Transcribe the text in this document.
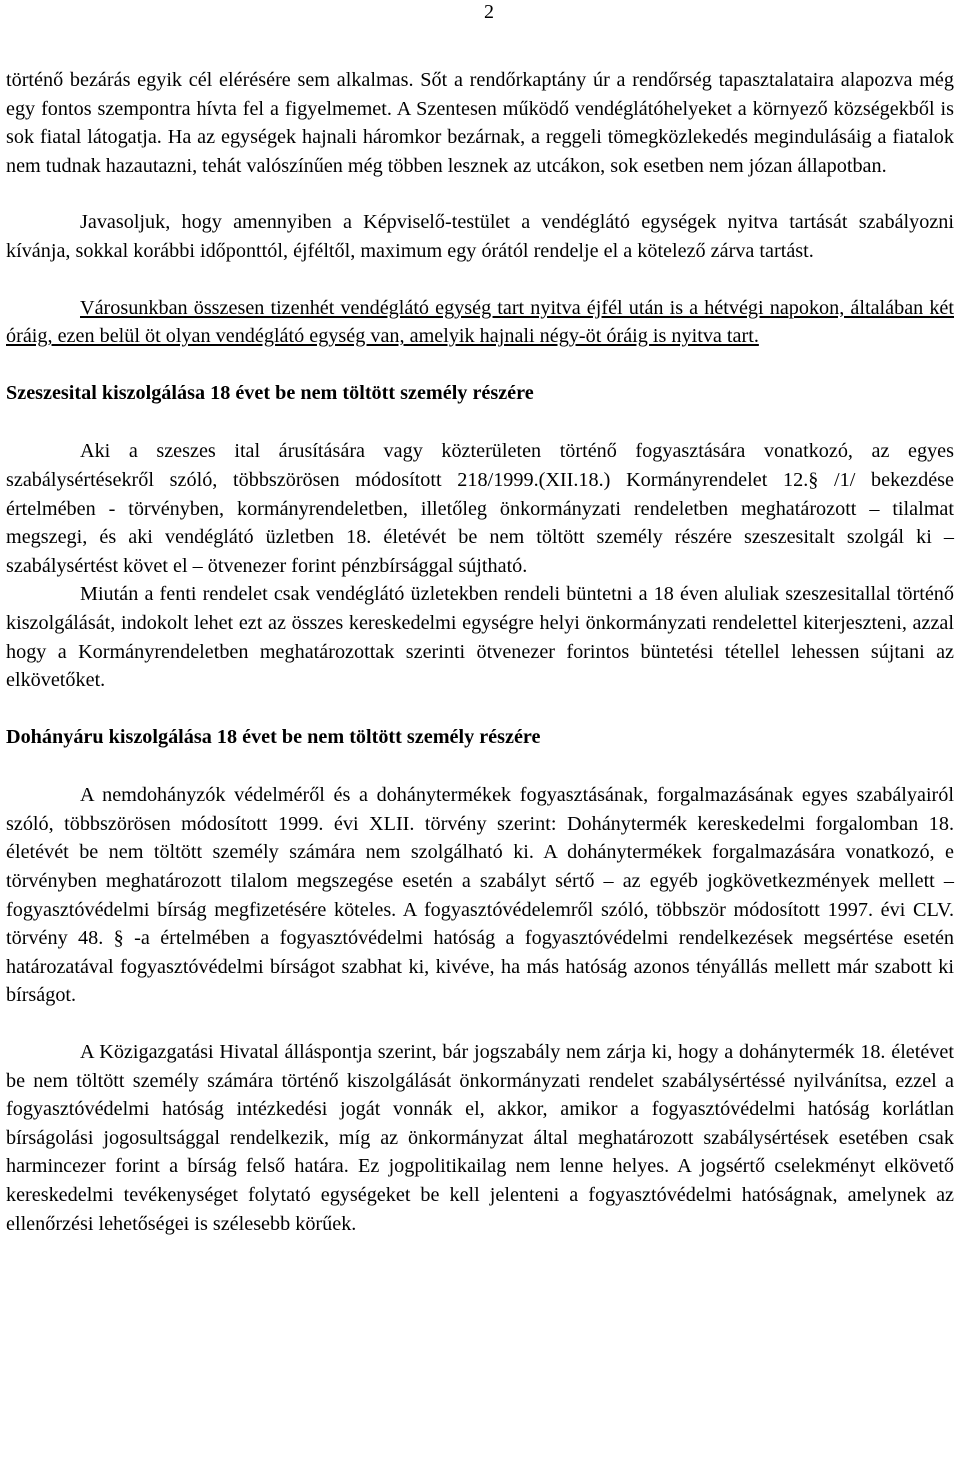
2

történő bezárás egyik cél elérésére sem alkalmas. Sőt a rendőrkaptány úr a rendőrség tapasztalataira alapozva még egy fontos szempontra hívta fel a figyelmemet. A Szentesen működő vendéglátóhelyeket a környező községekből is sok fiatal látogatja. Ha az egységek hajnali háromkor bezárnak, a reggeli tömegközlekedés megindulásáig a fiatalok nem tudnak hazautazni, tehát valószínűen még többen lesznek az utcákon, sok esetben nem józan állapotban.

Javasoljuk, hogy amennyiben a Képviselő-testület a vendéglátó egységek nyitva tartását szabályozni kívánja, sokkal korábbi időponttól, éjféltől, maximum egy órától rendelje el a kötelező zárva tartást.

Városunkban összesen tizenhét vendéglátó egység tart nyitva éjfél után is a hétvégi napokon, általában két óráig, ezen belül öt olyan vendéglátó egység van, amelyik hajnali négy-öt óráig is nyitva tart.

Szeszesital kiszolgálása 18 évet be nem töltött személy részére

Aki a szeszes ital árusítására vagy közterületen történő fogyasztására vonatkozó, az egyes szabálysértésekről szóló, többszörösen módosított 218/1999.(XII.18.) Kormányrendelet 12.§ /1/ bekezdése értelmében - törvényben, kormányrendeletben, illetőleg önkormányzati rendeletben meghatározott – tilalmat megszegi, és aki vendéglátó üzletben 18. életévét be nem töltött személy részére szeszesitalt szolgál ki – szabálysértést követ el – ötvenezer forint pénzbírsággal sújtható.

Miután a fenti rendelet csak vendéglátó üzletekben rendeli büntetni a 18 éven aluliak szeszesitallal történő kiszolgálását, indokolt lehet ezt az összes kereskedelmi egységre helyi önkormányzati rendelettel kiterjeszteni, azzal hogy a Kormányrendeletben meghatározottak szerinti ötvenezer forintos büntetési tétellel lehessen sújtani az elkövetőket.

Dohányáru kiszolgálása 18 évet be nem töltött személy részére

A nemdohányzók védelméről és a dohánytermékek fogyasztásának, forgalmazásának egyes szabályairól szóló, többszörösen módosított 1999. évi XLII. törvény szerint: Dohánytermék kereskedelmi forgalomban 18. életévét be nem töltött személy számára nem szolgálható ki. A dohánytermékek forgalmazására vonatkozó, e törvényben meghatározott tilalom megszegése esetén a szabályt sértő – az egyéb jogkövetkezmények mellett – fogyasztóvédelmi bírság megfizetésére köteles. A fogyasztóvédelemről szóló, többször módosított 1997. évi CLV. törvény 48. § -a értelmében a fogyasztóvédelmi hatóság a fogyasztóvédelmi rendelkezések megsértése esetén határozatával fogyasztóvédelmi bírságot szabhat ki, kivéve, ha más hatóság azonos tényállás mellett már szabott ki bírságot.

A Közigazgatási Hivatal álláspontja szerint, bár jogszabály nem zárja ki, hogy a dohánytermék 18. életévet be nem töltött személy számára történő kiszolgálását önkormányzati rendelet szabálysértéssé nyilvánítsa, ezzel a fogyasztóvédelmi hatóság intézkedési jogát vonnák el, akkor, amikor a fogyasztóvédelmi hatóság korlátlan bírságolási jogosultsággal rendelkezik, míg az önkormányzat által meghatározott szabálysértések esetében csak harmincezer forint a bírság felső határa. Ez jogpolitikailag nem lenne helyes. A jogsértő cselekményt elkövető kereskedelmi tevékenységet folytató egységeket be kell jelenteni a fogyasztóvédelmi hatóságnak, amelynek az ellenőrzési lehetőségei is szélesebb körűek.
